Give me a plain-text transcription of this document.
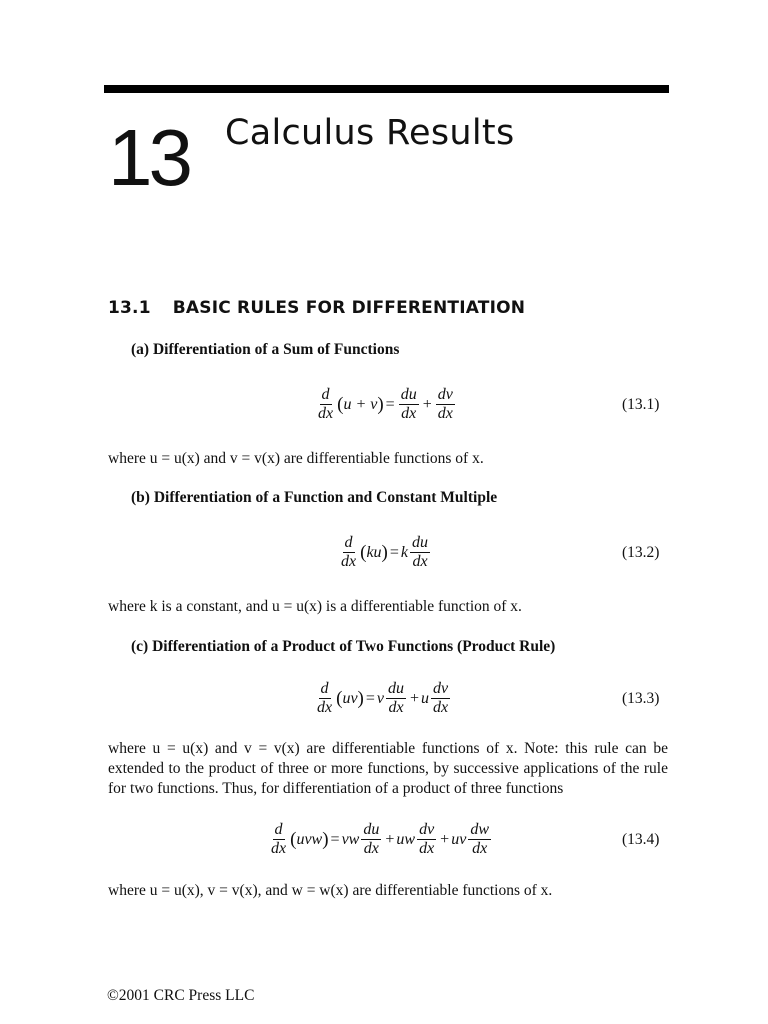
13 Calculus Results
13.1 BASIC RULES FOR DIFFERENTIATION
(a) Differentiation of a Sum of Functions
$\frac{d}{dx}$ ( u + v ) = $\frac{du}{dx} + \frac{dv}{dx}$	(13.1)
where u = u(x) and v = v(x) are differentiable functions of x.
(b) Differentiation of a Function and Constant Multiple
$\frac{d}{dx}$ ( ku ) = k $\frac{du}{dx}$	(13.2)
where k is a constant, and u = u(x) is a differentiable function of x.
(c) Differentiation of a Product of Two Functions (Product Rule)
$\frac{d}{dx}$ ( uv ) = v $\frac{du}{dx} + u \frac{dv}{dx}$	(13.3)
where u = u(x) and v = v(x) are differentiable functions of x. Note: this rule can be extended to the product of three or more functions, by successive applications of the rule for two functions. Thus, for differentiation of a product of three functions
$\frac{d}{dx}$ ( uvw ) = vw $\frac{du}{dx}$ + uw $\frac{dv}{dx}$ + uv $\frac{dw}{dx}$	(13.4)
where u = u(x), v = v(x), and w = w(x) are differentiable functions of x.
©2001 CRC Press LLC
